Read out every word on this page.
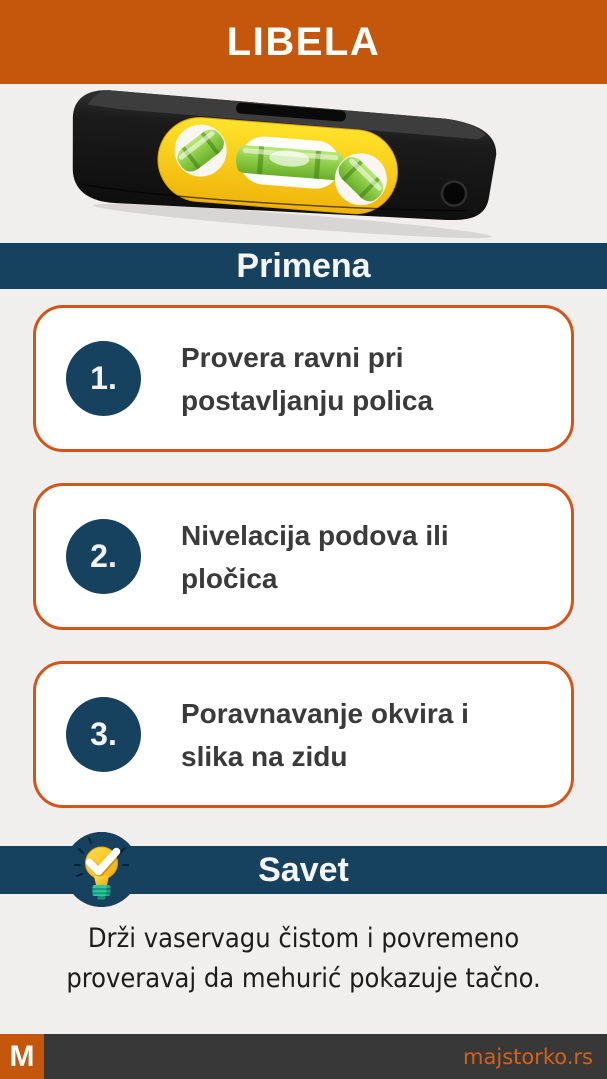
LIBELA
Primena
1.
Provera ravni pri
postavljanju polica
2.
Nivelacija podova ili
pločica
3.
Poravnavanje okvira i
slika na zidu
Savet
Drži vaservagu čistom i povremeno
proveravaj da mehurić pokazuje tačno.
M	majstorko.rs
